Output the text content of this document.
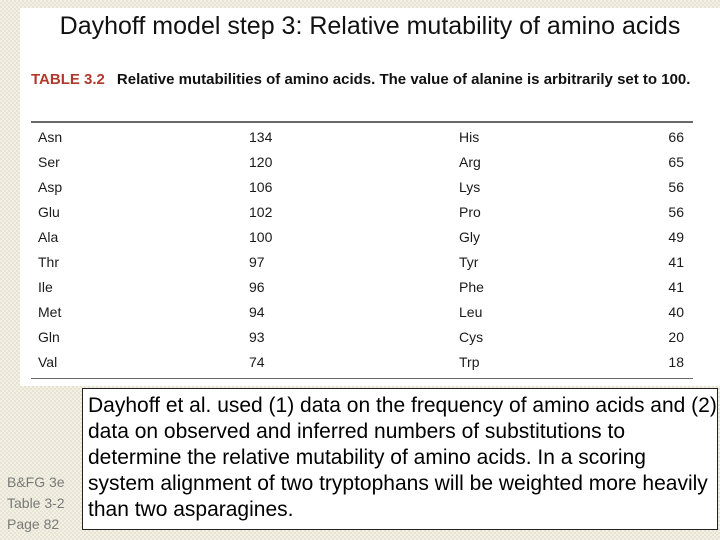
Dayhoff model step 3: Relative mutability of amino acids
TABLE 3.2 Relative mutabilities of amino acids. The value of alanine is arbitrarily set to 100.
Asn	134	His	66
Ser	120	Arg	65
Asp	106	Lys	56
Glu	102	Pro	56
Ala	100	Gly	49
Thr	97	Tyr	41
Ile	96	Phe	41
Met	94	Leu	40
Gln	93	Cys	20
Val	74	Trp	18

Dayhoff et al. used (1) data on the frequency of amino acids and (2) data on observed and inferred numbers of substitutions to determine the relative mutability of amino acids. In a scoring system alignment of two tryptophans will be weighted more heavily than two asparagines.

B&FG 3e
Table 3-2
Page 82
